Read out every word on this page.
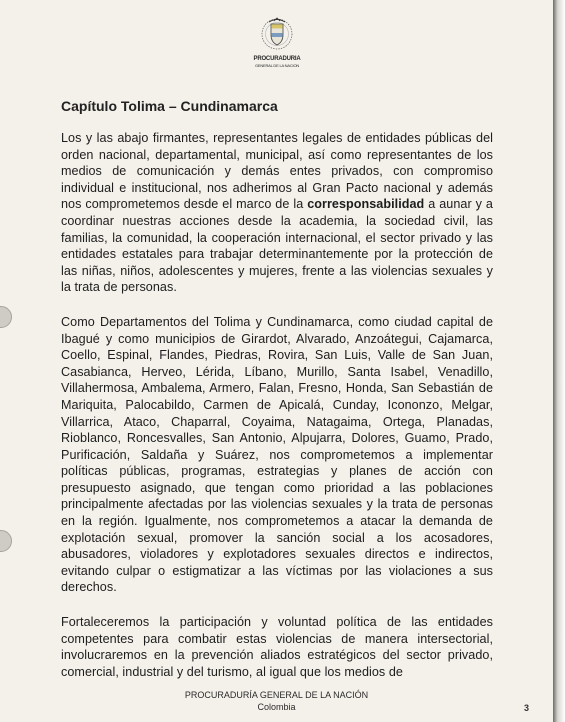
PROCURADURIA
GENERAL DE LA NACION
Capítulo Tolima – Cundinamarca

Los y las abajo firmantes, representantes legales de entidades públicas del orden nacional, departamental, municipal, así como representantes de los medios de comunicación y demás entes privados, con compromiso individual e institucional, nos adherimos al Gran Pacto nacional y además nos comprometemos desde el marco de la corresponsabilidad a aunar y a coordinar nuestras acciones desde la academia, la sociedad civil, las familias, la comunidad, la cooperación internacional, el sector privado y las entidades estatales para trabajar determinantemente por la protección de las niñas, niños, adolescentes y mujeres, frente a las violencias sexuales y la trata de personas.

Como Departamentos del Tolima y Cundinamarca, como ciudad capital de Ibagué y como municipios de Girardot, Alvarado, Anzoátegui, Cajamarca, Coello, Espinal, Flandes, Piedras, Rovira, San Luis, Valle de San Juan, Casabianca, Herveo, Lérida, Líbano, Murillo, Santa Isabel, Venadillo, Villahermosa, Ambalema, Armero, Falan, Fresno, Honda, San Sebastián de Mariquita, Palocabildo, Carmen de Apicalá, Cunday, Icononzo, Melgar, Villarrica, Ataco, Chaparral, Coyaima, Natagaima, Ortega, Planadas, Rioblanco, Roncesvalles, San Antonio, Alpujarra, Dolores, Guamo, Prado, Purificación, Saldaña y Suárez, nos comprometemos a implementar políticas públicas, programas, estrategias y planes de acción con presupuesto asignado, que tengan como prioridad a las poblaciones principalmente afectadas por las violencias sexuales y la trata de personas en la región. Igualmente, nos comprometemos a atacar la demanda de explotación sexual, promover la sanción social a los acosadores, abusadores, violadores y explotadores sexuales directos e indirectos, evitando culpar o estigmatizar a las víctimas por las violaciones a sus derechos.

Fortaleceremos la participación y voluntad política de las entidades competentes para combatir estas violencias de manera intersectorial, involucraremos en la prevención aliados estratégicos del sector privado, comercial, industrial y del turismo, al igual que los medios de

PROCURADURÍA GENERAL DE LA NACIÓN
Colombia	3
